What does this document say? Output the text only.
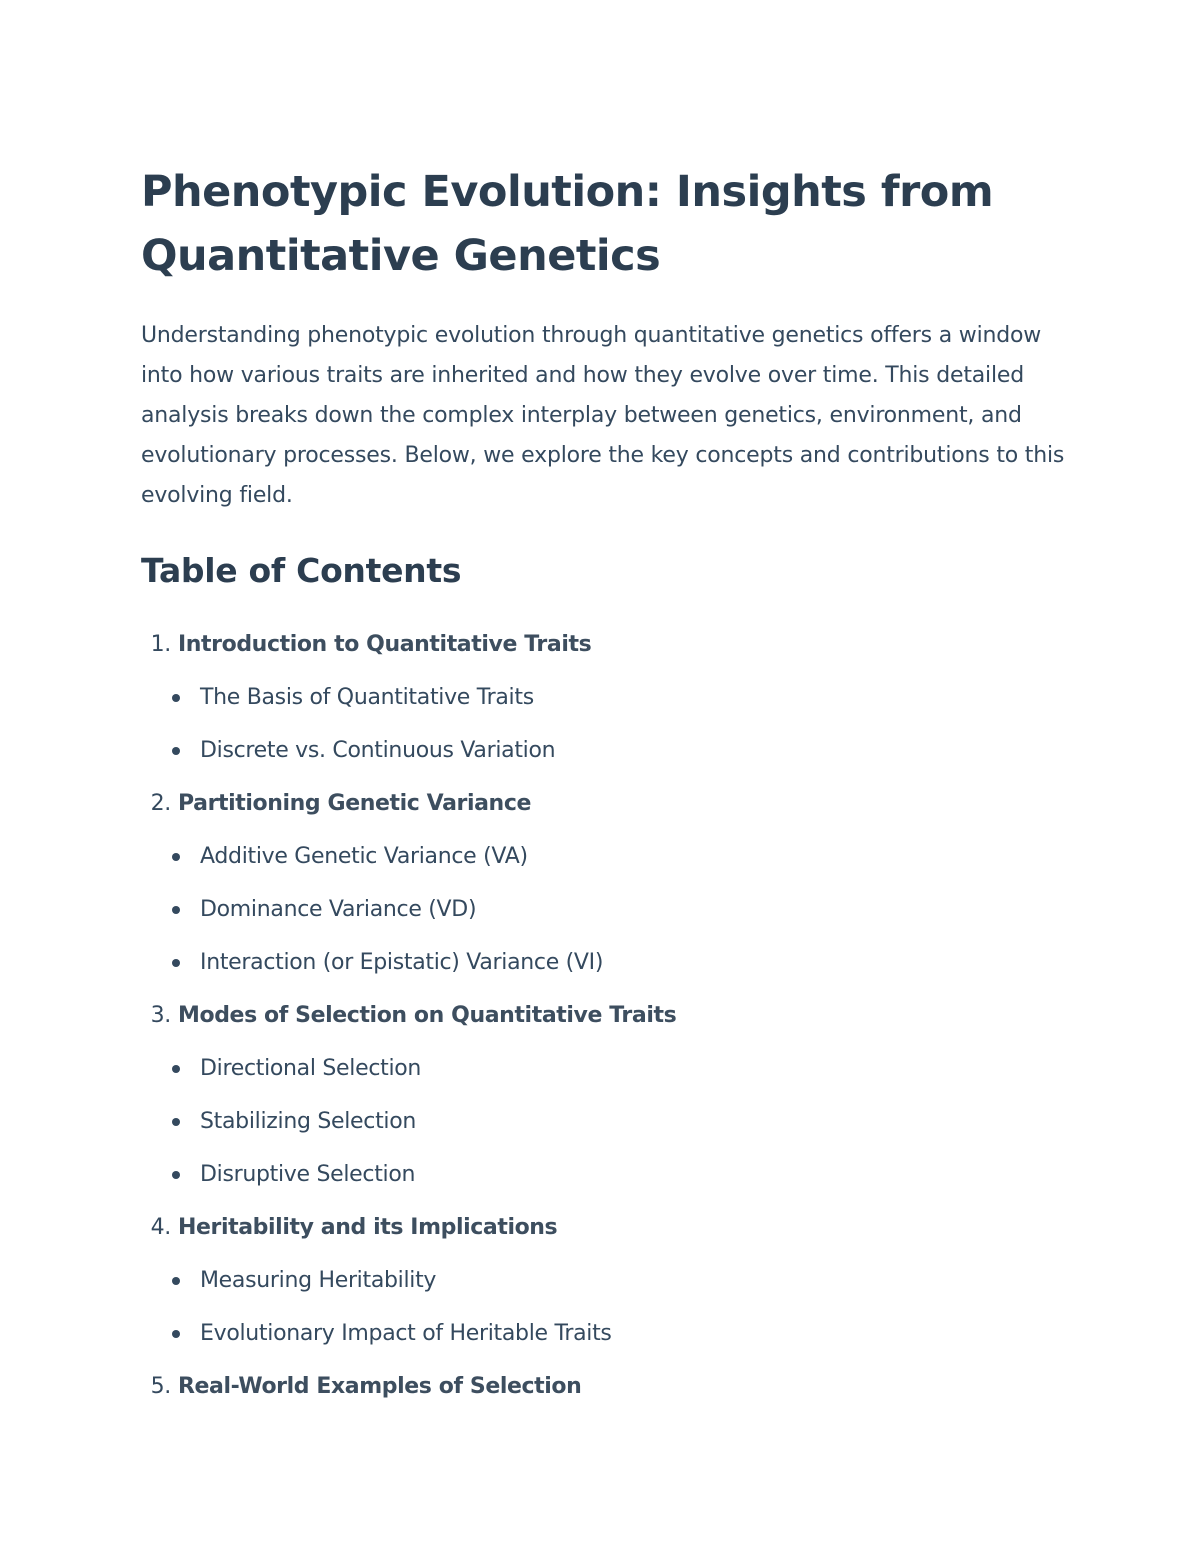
Phenotypic Evolution: Insights from Quantitative Genetics

Understanding phenotypic evolution through quantitative genetics offers a window into how various traits are inherited and how they evolve over time. This detailed analysis breaks down the complex interplay between genetics, environment, and evolutionary processes. Below, we explore the key concepts and contributions to this evolving field.

Table of Contents
1. Introduction to Quantitative Traits
The Basis of Quantitative Traits
Discrete vs. Continuous Variation
2. Partitioning Genetic Variance
Additive Genetic Variance (VA)
Dominance Variance (VD)
Interaction (or Epistatic) Variance (VI)
3. Modes of Selection on Quantitative Traits
Directional Selection
Stabilizing Selection
Disruptive Selection
4. Heritability and its Implications
Measuring Heritability
Evolutionary Impact of Heritable Traits
5. Real-World Examples of Selection
